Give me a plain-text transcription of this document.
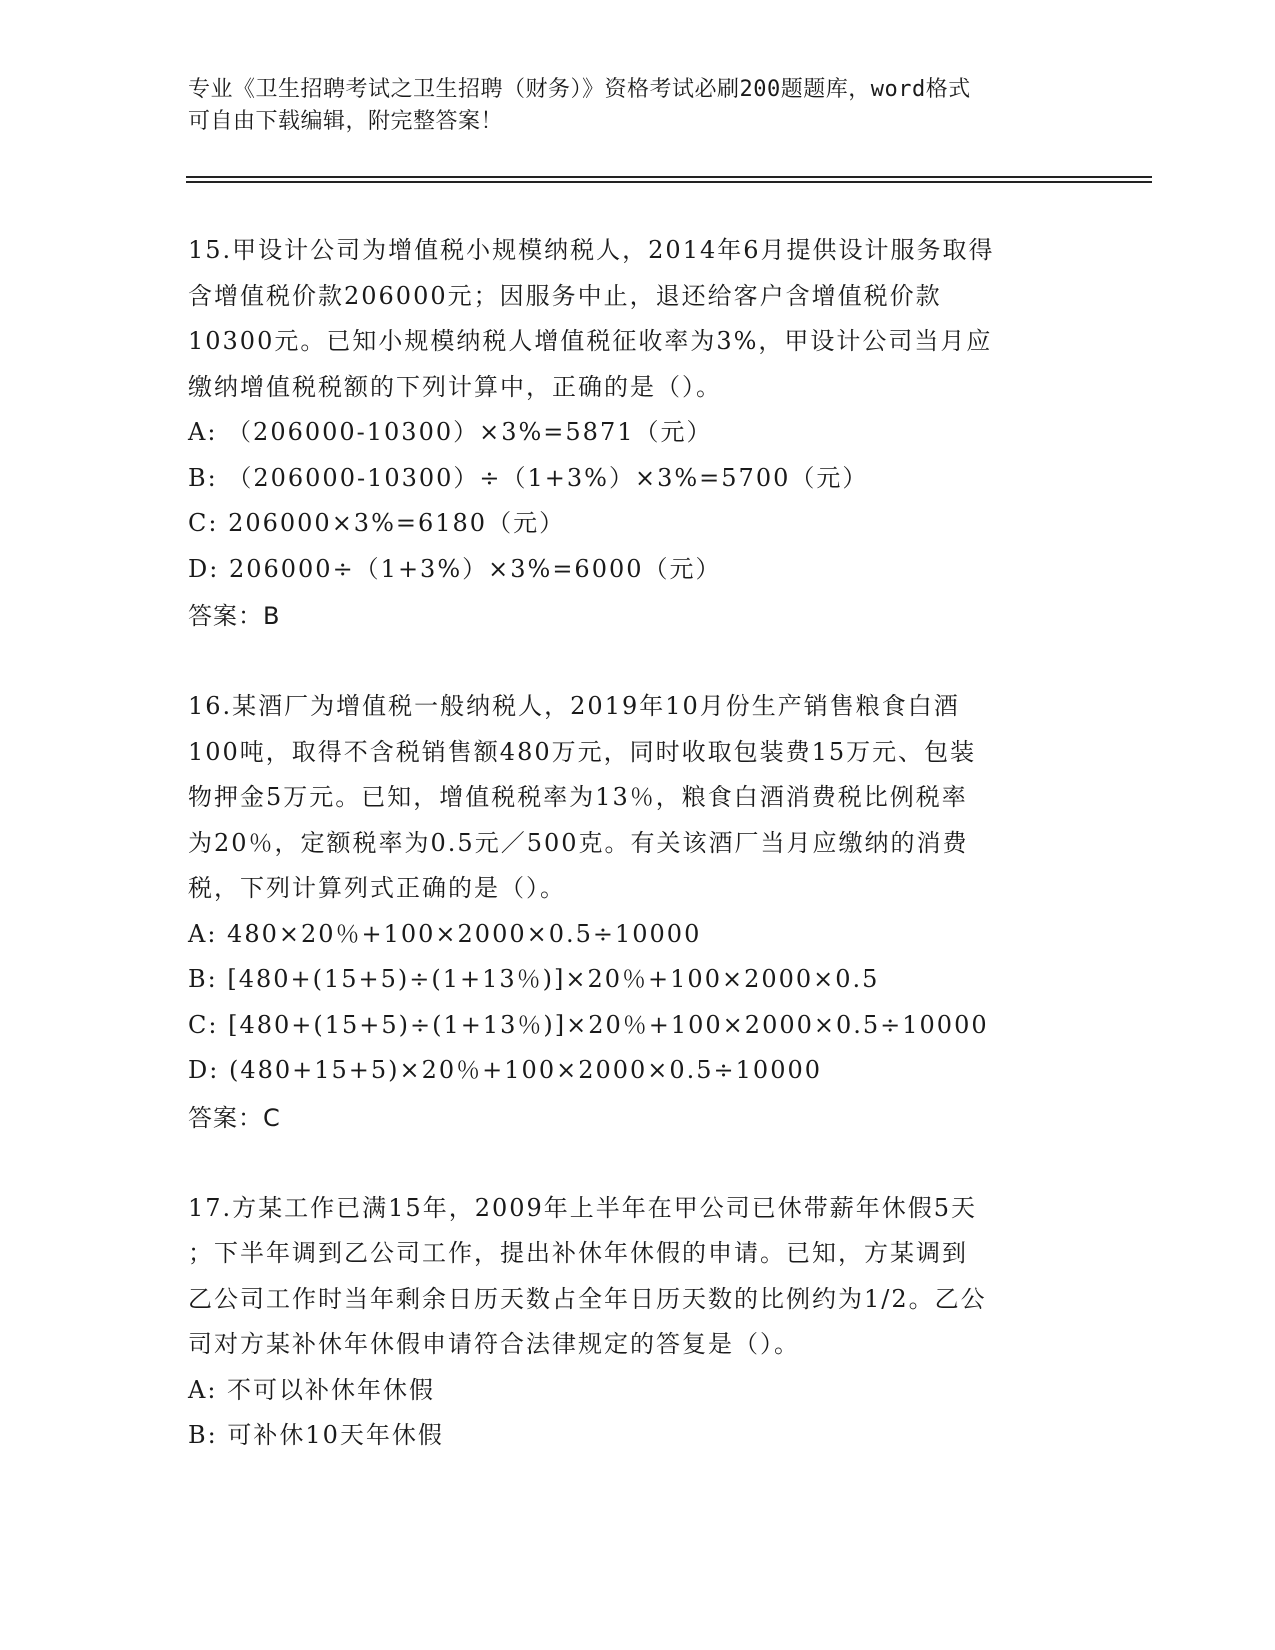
专业《卫生招聘考试之卫生招聘（财务）》资格考试必刷200题题库，word格式
可自由下载编辑，附完整答案！
15.甲设计公司为增值税小规模纳税人，2014年6月提供设计服务取得
含增值税价款206000元；因服务中止，退还给客户含增值税价款
10300元。已知小规模纳税人增值税征收率为3%，甲设计公司当月应
缴纳增值税税额的下列计算中，正确的是（）。
A: （206000-10300）×3%=5871（元）
B: （206000-10300）÷（1+3%）×3%=5700（元）
C: 206000×3%=6180（元）
D: 206000÷（1+3%）×3%=6000（元）
答案：B
16.某酒厂为增值税一般纳税人，2019年10月份生产销售粮食白酒
100吨，取得不含税销售额480万元，同时收取包装费15万元、包装
物押金5万元。已知，增值税税率为13％，粮食白酒消费税比例税率
为20％，定额税率为0.5元／500克。有关该酒厂当月应缴纳的消费
税，下列计算列式正确的是（）。
A: 480×20％+100×2000×0.5÷10000
B: [480+(15+5)÷(1+13％)]×20％+100×2000×0.5
C: [480+(15+5)÷(1+13％)]×20％+100×2000×0.5÷10000
D: (480+15+5)×20％+100×2000×0.5÷10000
答案：C
17.方某工作已满15年，2009年上半年在甲公司已休带薪年休假5天
；下半年调到乙公司工作，提出补休年休假的申请。已知，方某调到
乙公司工作时当年剩余日历天数占全年日历天数的比例约为1/2。乙公
司对方某补休年休假申请符合法律规定的答复是（）。
A: 不可以补休年休假
B: 可补休10天年休假
